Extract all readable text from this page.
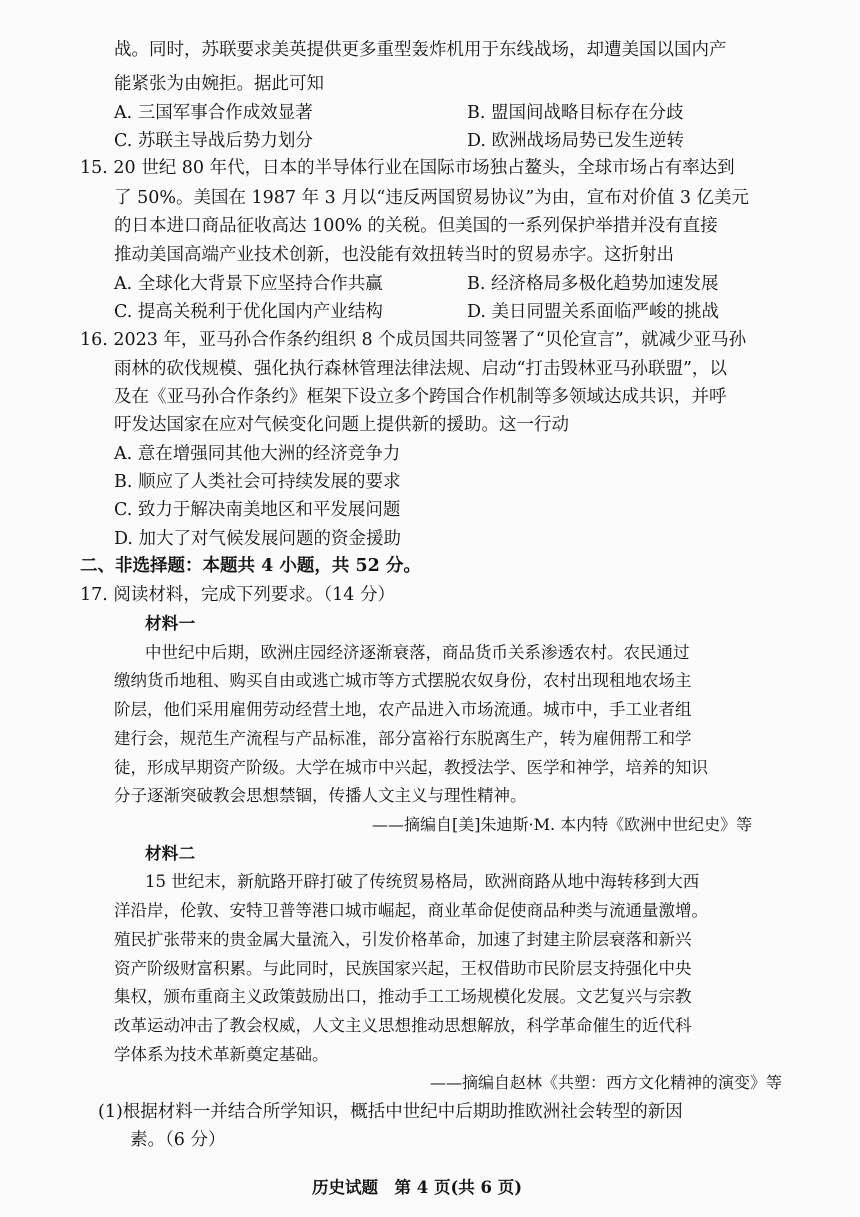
战。同时，苏联要求美英提供更多重型轰炸机用于东线战场，却遭美国以国内产
能紧张为由婉拒。据此可知
A. 三国军事合作成效显著	B. 盟国间战略目标存在分歧
C. 苏联主导战后势力划分	D. 欧洲战场局势已发生逆转
15. 20 世纪 80 年代，日本的半导体行业在国际市场独占鳌头，全球市场占有率达到
了 50%。美国在 1987 年 3 月以“违反两国贸易协议”为由，宣布对价值 3 亿美元
的日本进口商品征收高达 100% 的关税。但美国的一系列保护举措并没有直接
推动美国高端产业技术创新，也没能有效扭转当时的贸易赤字。这折射出
A. 全球化大背景下应坚持合作共赢	B. 经济格局多极化趋势加速发展
C. 提高关税利于优化国内产业结构	D. 美日同盟关系面临严峻的挑战
16. 2023 年，亚马孙合作条约组织 8 个成员国共同签署了“贝伦宣言”，就减少亚马孙
雨林的砍伐规模、强化执行森林管理法律法规、启动“打击毁林亚马孙联盟”，以
及在《亚马孙合作条约》框架下设立多个跨国合作机制等多领域达成共识，并呼
吁发达国家在应对气候变化问题上提供新的援助。这一行动
A. 意在增强同其他大洲的经济竞争力
B. 顺应了人类社会可持续发展的要求
C. 致力于解决南美地区和平发展问题
D. 加大了对气候发展问题的资金援助
二、非选择题：本题共 4 小题，共 52 分。
17. 阅读材料，完成下列要求。（14 分）
材料一
中世纪中后期，欧洲庄园经济逐渐衰落，商品货币关系渗透农村。农民通过
缴纳货币地租、购买自由或逃亡城市等方式摆脱农奴身份，农村出现租地农场主
阶层，他们采用雇佣劳动经营土地，农产品进入市场流通。城市中，手工业者组
建行会，规范生产流程与产品标准，部分富裕行东脱离生产，转为雇佣帮工和学
徒，形成早期资产阶级。大学在城市中兴起，教授法学、医学和神学，培养的知识
分子逐渐突破教会思想禁锢，传播人文主义与理性精神。
——摘编自[美]朱迪斯·M. 本内特《欧洲中世纪史》等
材料二
15 世纪末，新航路开辟打破了传统贸易格局，欧洲商路从地中海转移到大西
洋沿岸，伦敦、安特卫普等港口城市崛起，商业革命促使商品种类与流通量激增。
殖民扩张带来的贵金属大量流入，引发价格革命，加速了封建主阶层衰落和新兴
资产阶级财富积累。与此同时，民族国家兴起，王权借助市民阶层支持强化中央
集权，颁布重商主义政策鼓励出口，推动手工工场规模化发展。文艺复兴与宗教
改革运动冲击了教会权威，人文主义思想推动思想解放，科学革命催生的近代科
学体系为技术革新奠定基础。
——摘编自赵林《共塑：西方文化精神的演变》等
(1)根据材料一并结合所学知识，概括中世纪中后期助推欧洲社会转型的新因
素。（6 分）
历史试题　第 4 页(共 6 页)
